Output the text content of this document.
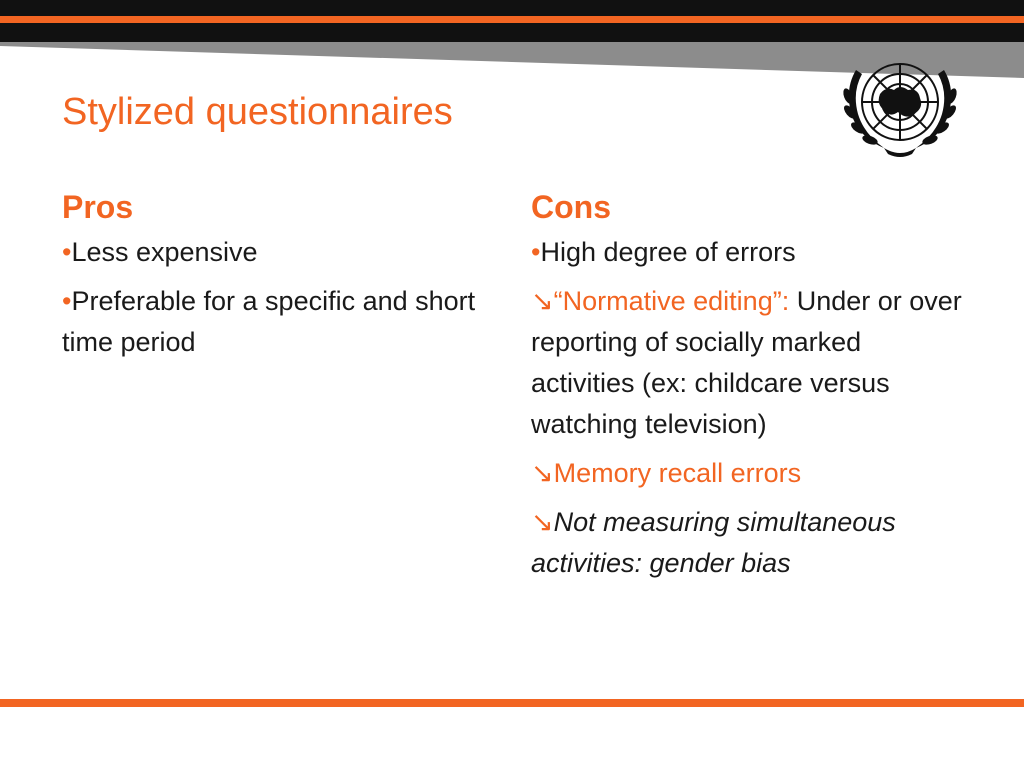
Stylized questionnaires
Pros

•Less expensive

•Preferable for a specific and short time period

Cons

•High degree of errors

↘“Normative editing”: Under or over reporting of socially marked activities (ex: childcare versus watching television)

↘Memory recall errors

↘Not measuring simultaneous activities: gender bias
